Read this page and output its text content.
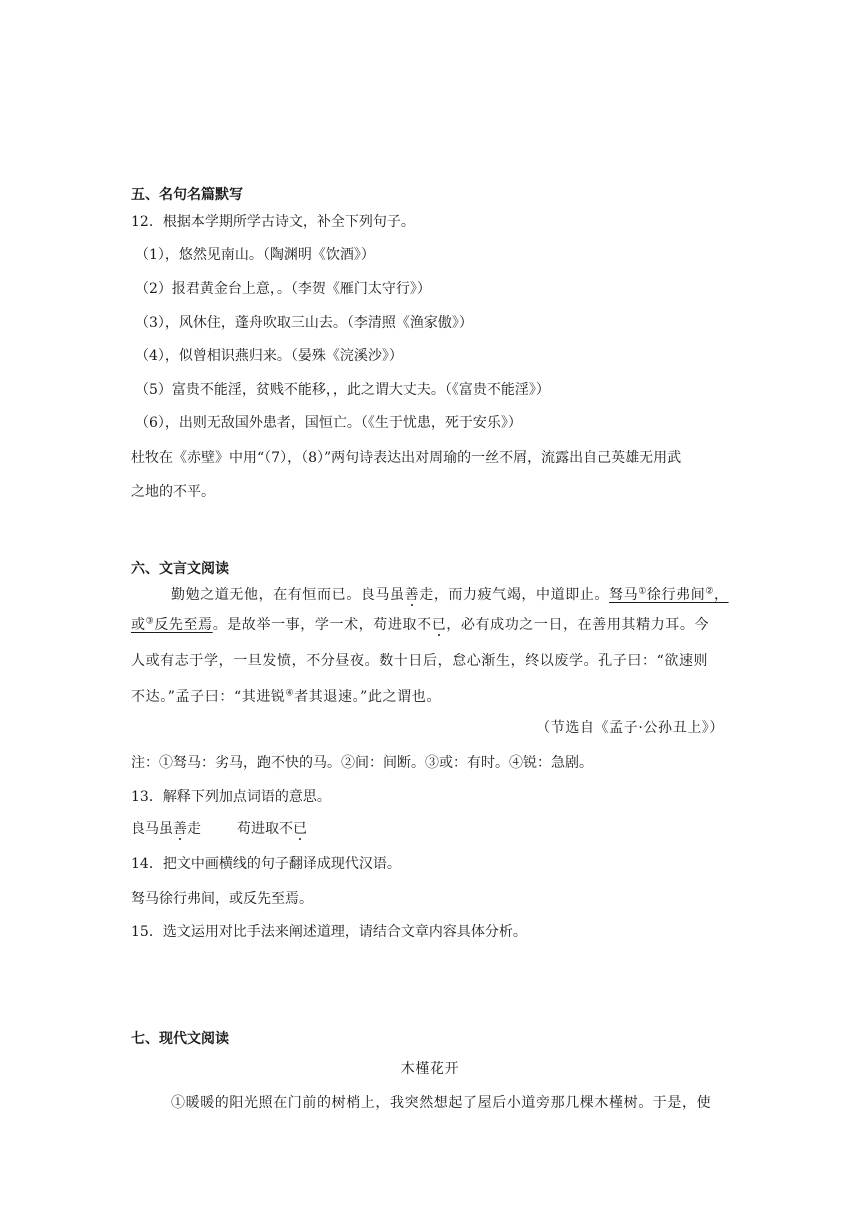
五、名句名篇默写
12．根据本学期所学古诗文，补全下列句子。
（1），悠然见南山。（陶渊明《饮酒》）
（2）报君黄金台上意，。（李贺《雁门太守行》）
（3），风休住，蓬舟吹取三山去。（李清照《渔家傲》）
（4），似曾相识燕归来。（晏殊《浣溪沙》）
（5）富贵不能淫，贫贱不能移，，此之谓大丈夫。（《富贵不能淫》）
（6），出则无敌国外患者，国恒亡。（《生于忧患，死于安乐》）
杜牧在《赤壁》中用“（7），（8）”两句诗表达出对周瑜的一丝不屑，流露出自己英雄无用武
之地的不平。
六、文言文阅读
勤勉之道无他，在有恒而已。良马虽善走，而力疲气竭，中道即止。驽马①徐行弗间②，
或③反先至焉。是故举一事，学一术，苟进取不已，必有成功之一日，在善用其精力耳。今
人或有志于学，一旦发愤，不分昼夜。数十日后，怠心渐生，终以废学。孔子曰：“欲速则
不达。”孟子曰：“其进锐④者其退速。”此之谓也。
（节选自《孟子·公孙丑上》）
注：①驽马：劣马，跑不快的马。②间：间断。③或：有时。④锐：急剧。
13．解释下列加点词语的意思。
良马虽善走	苟进取不已
14．把文中画横线的句子翻译成现代汉语。
驽马徐行弗间，或反先至焉。
15．选文运用对比手法来阐述道理，请结合文章内容具体分析。
七、现代文阅读
木槿花开
①暖暖的阳光照在门前的树梢上，我突然想起了屋后小道旁那几棵木槿树。于是，使
